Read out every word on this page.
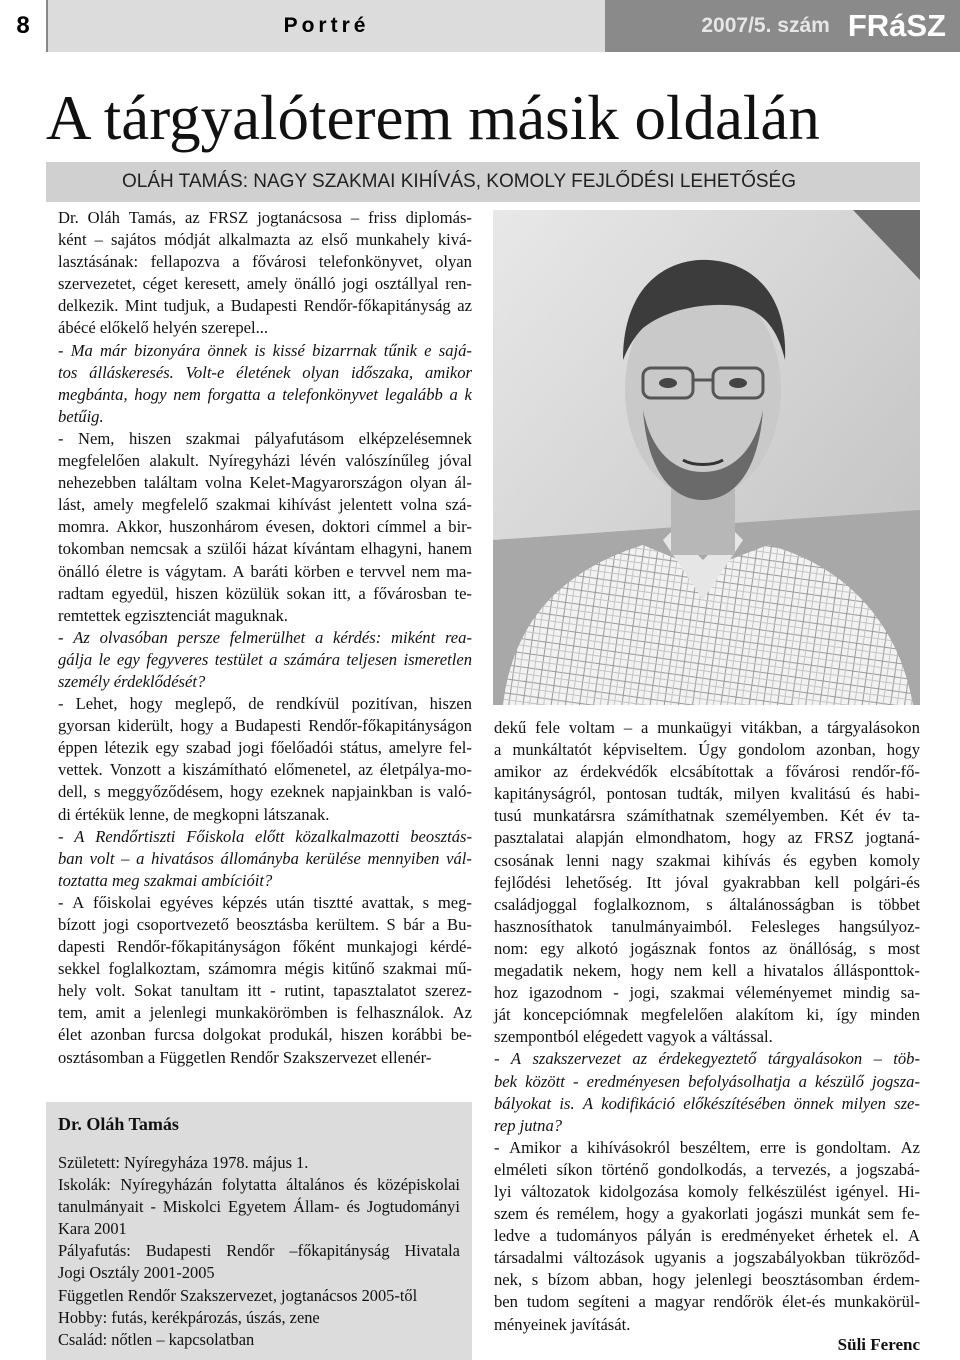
8	Portré	2007/5. szám FRáSZ
A tárgyalóterem másik oldalán
OLÁH TAMÁS: NAGY SZAKMAI KIHÍVÁS, KOMOLY FEJLŐDÉSI LEHETŐSÉG
Dr. Oláh Tamás, az FRSZ jogtanácsosa – friss diplomás-
ként – sajátos módját alkalmazta az első munkahely kivá-
lasztásának: fellapozva a fővárosi telefonkönyvet, olyan
szervezetet, céget keresett, amely önálló jogi osztállyal ren-
delkezik. Mint tudjuk, a Budapesti Rendőr-főkapitányság az
ábécé előkelő helyén szerepel...
- Ma már bizonyára önnek is kissé bizarrnak tűnik e sajá-
tos álláskeresés. Volt-e életének olyan időszaka, amikor
megbánta, hogy nem forgatta a telefonkönyvet legalább a k
betűig.
- Nem, hiszen szakmai pályafutásom elképzelésemnek
megfelelően alakult. Nyíregyházi lévén valószínűleg jóval
nehezebben találtam volna Kelet-Magyarországon olyan ál-
lást, amely megfelelő szakmai kihívást jelentett volna szá-
momra. Akkor, huszonhárom évesen, doktori címmel a bir-
tokomban nemcsak a szülői házat kívántam elhagyni, hanem
önálló életre is vágytam. A baráti körben e tervvel nem ma-
radtam egyedül, hiszen közülük sokan itt, a fővárosban te-
remtettek egzisztenciát maguknak.
- Az olvasóban persze felmerülhet a kérdés: miként rea-
gálja le egy fegyveres testület a számára teljesen ismeretlen
személy érdeklődését?
- Lehet, hogy meglepő, de rendkívül pozitívan, hiszen
gyorsan kiderült, hogy a Budapesti Rendőr-főkapitányságon
éppen létezik egy szabad jogi főelőadói státus, amelyre fel-
vettek. Vonzott a kiszámítható előmenetel, az életpálya-mo-
dell, s meggyőződésem, hogy ezeknek napjainkban is való-
di értékük lenne, de megkopni látszanak.
- A Rendőrtiszti Főiskola előtt közalkalmazotti beosztás-
ban volt – a hivatásos állományba kerülése mennyiben vál-
toztatta meg szakmai ambícióit?
- A főiskolai egyéves képzés után tisztté avattak, s meg-
bízott jogi csoportvezető beosztásba kerültem. S bár a Bu-
dapesti Rendőr-főkapitányságon főként munkajogi kérdé-
sekkel foglalkoztam, számomra mégis kitűnő szakmai mű-
hely volt. Sokat tanultam itt - rutint, tapasztalatot szerez-
tem, amit a jelenlegi munkakörömben is felhasználok. Az
élet azonban furcsa dolgokat produkál, hiszen korábbi be-
osztásomban a Független Rendőr Szakszervezet ellenér-
dekű fele voltam – a munkaügyi vitákban, a tárgyalásokon
a munkáltatót képviseltem. Úgy gondolom azonban, hogy
amikor az érdekvédők elcsábítottak a fővárosi rendőr-fő-
kapitányságról, pontosan tudták, milyen kvalitású és habi-
tusú munkatársra számíthatnak személyemben. Két év ta-
pasztalatai alapján elmondhatom, hogy az FRSZ jogtaná-
csosának lenni nagy szakmai kihívás és egyben komoly
fejlődési lehetőség. Itt jóval gyakrabban kell polgári-és
családjoggal foglalkoznom, s általánosságban is többet
hasznosíthatok tanulmányaimból. Felesleges hangsúlyoz-
nom: egy alkotó jogásznak fontos az önállóság, s most
megadatik nekem, hogy nem kell a hivatalos állásponttok-
hoz igazodnom - jogi, szakmai véleményemet mindig sa-
ját koncepciómnak megfelelően alakítom ki, így minden
szempontból elégedett vagyok a váltással.
- A szakszervezet az érdekegyeztető tárgyalásokon – töb-
bek között - eredményesen befolyásolhatja a készülő jogsza-
bályokat is. A kodifikáció előkészítésében önnek milyen sze-
rep jutna?
- Amikor a kihívásokról beszéltem, erre is gondoltam. Az
elméleti síkon történő gondolkodás, a tervezés, a jogszabá-
lyi változatok kidolgozása komoly felkészülést igényel. Hi-
szem és remélem, hogy a gyakorlati jogászi munkát sem fe-
ledve a tudományos pályán is eredményeket érhetek el. A
társadalmi változások ugyanis a jogszabályokban tükröződ-
nek, s bízom abban, hogy jelenlegi beosztásomban érdem-
ben tudom segíteni a magyar rendőrök élet-és munkakörül-
ményeinek javítását.
Dr. Oláh Tamás
Született: Nyíregyháza 1978. május 1.
Iskolák: Nyíregyházán folytatta általános és középiskolai
tanulmányait - Miskolci Egyetem Állam- és Jogtudományi
Kara 2001
Pályafutás: Budapesti Rendőr –főkapitányság Hivatala
Jogi Osztály 2001-2005
Független Rendőr Szakszervezet, jogtanácsos 2005-től
Hobby: futás, kerékpározás, úszás, zene
Család: nőtlen – kapcsolatban	Süli Ferenc
